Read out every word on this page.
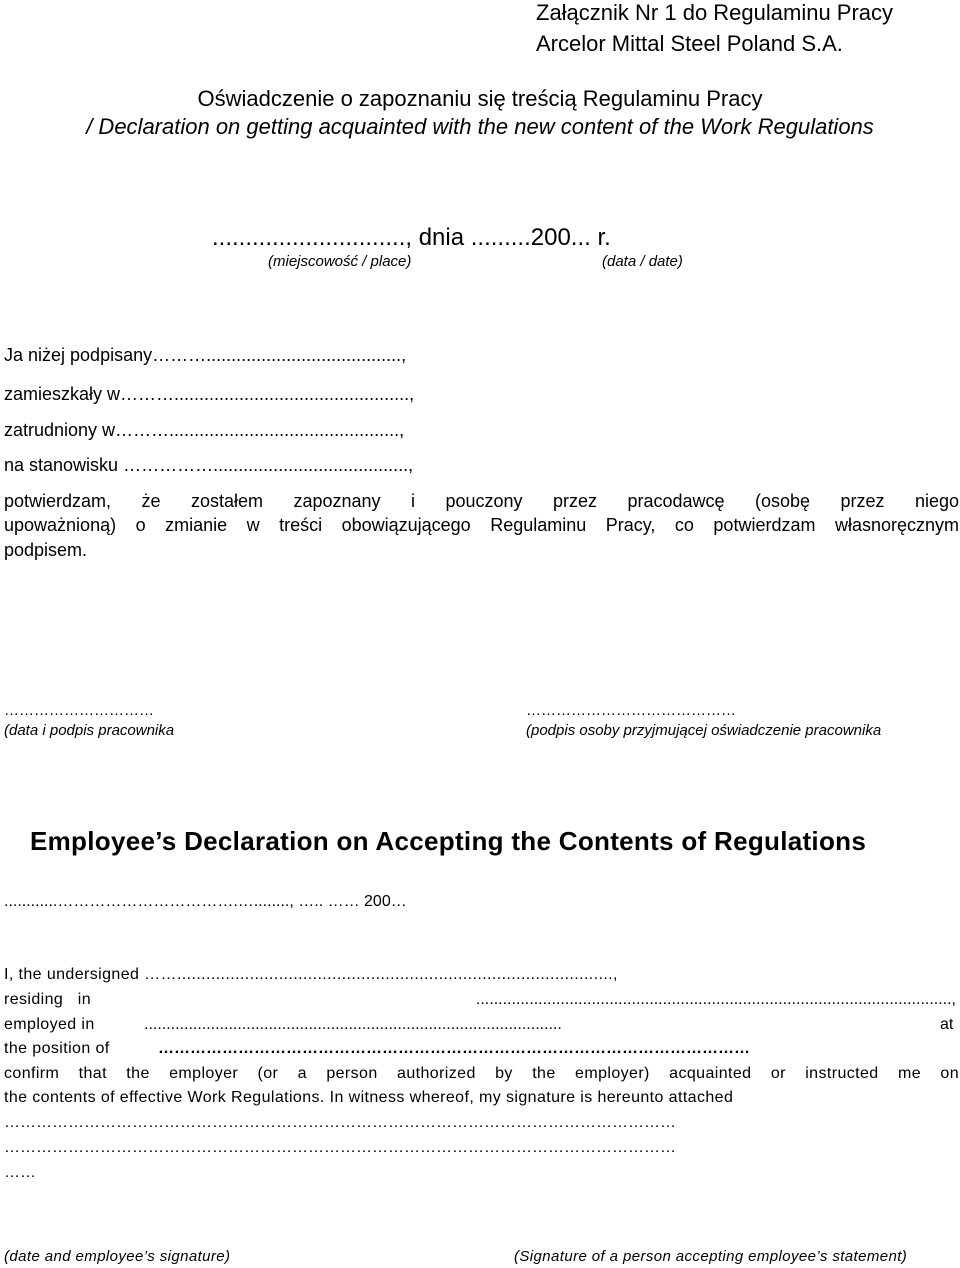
Załącznik Nr 1 do Regulaminu Pracy
Arcelor Mittal Steel Poland S.A.
Oświadczenie o zapoznaniu się treścią Regulaminu Pracy
/ Declaration on getting acquainted with the new content of the Work Regulations
............................., dnia .........200... r.
(miejscowość / place)	(data / date)
Ja niżej podpisany……….......................................,
zamieszkały w………...............................................,
zatrudniony w………..............................................,
na stanowisku …………….......................................,
potwierdzam, że zostałem zapoznany i pouczony przez pracodawcę (osobę przez niego
upoważnioną) o zmianie w treści obowiązującego Regulaminu Pracy, co potwierdzam własnoręcznym
podpisem.
…………………………
(data i podpis pracownika
……………………………………
(podpis osoby przyjmującej oświadczenie pracownika
Employee’s Declaration on Accepting the Contents of Regulations
............…………………………….…........, ….. …… 200…
I, the undersigned ……..........................................................................................,
residing   in	...........................................................................................................,
employed in	..............................................................................................	at
the position of	…………………………………………………………………………………………………
confirm that the employer (or a person authorized by the employer) acquainted or instructed me on
the contents of effective Work Regulations. In witness whereof, my signature is hereunto attached
………………………………………………………………………………………………………………
………………………………………………………………………………………………………………
……
(date and employee’s signature)	(Signature of a person accepting employee’s statement)
